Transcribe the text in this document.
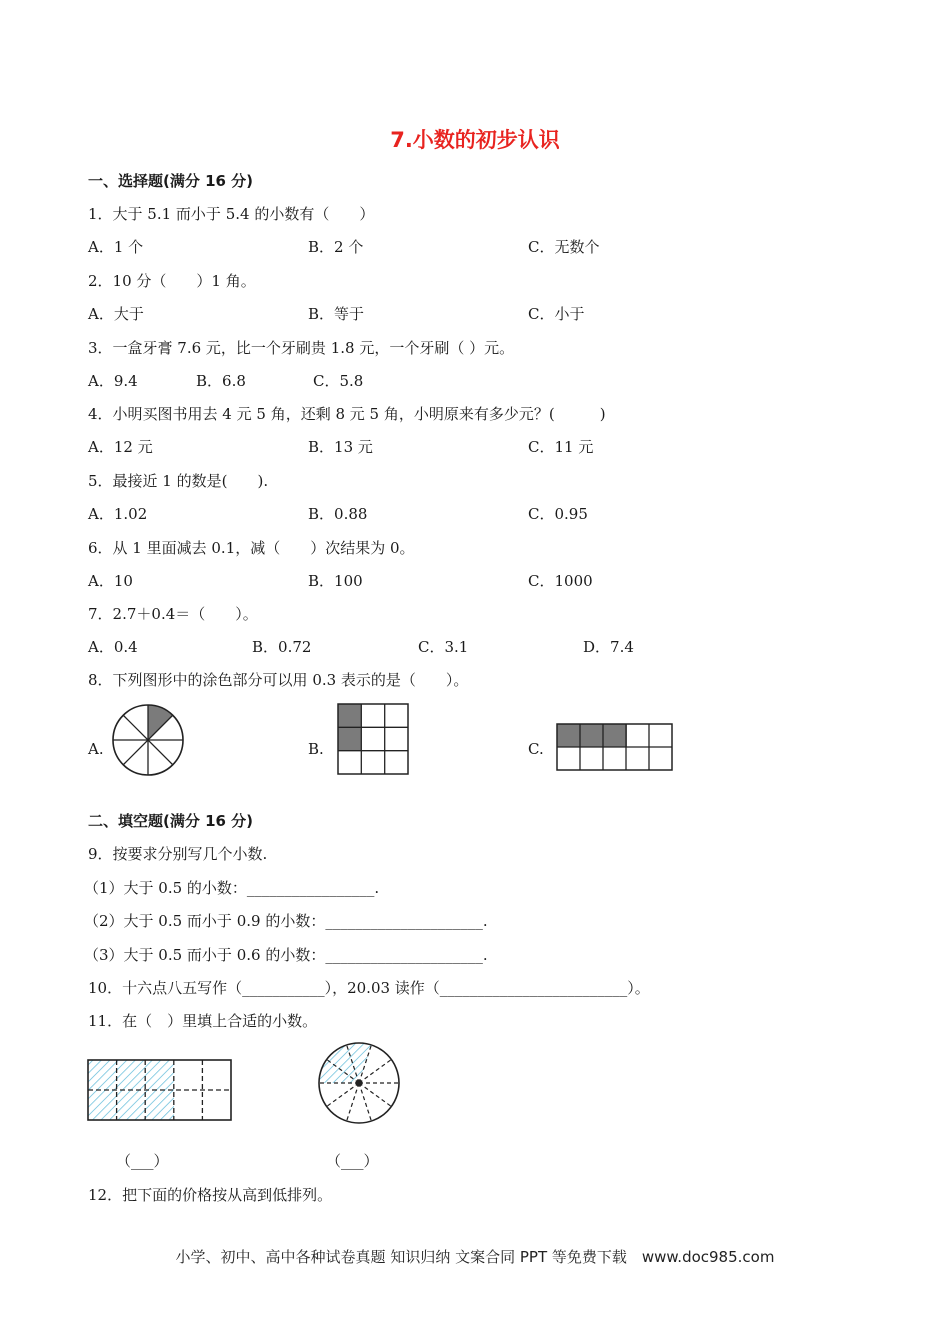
7.小数的初步认识
一、选择题(满分 16 分)
1．大于 5.1 而小于 5.4 的小数有（　　）
A．1 个	B．2 个	C．无数个
2．10 分（　　）1 角。
A．大于	B．等于	C．小于
3．一盒牙膏 7.6 元，比一个牙刷贵 1.8 元，一个牙刷（ ）元。
A．9.4	B．6.8	C．5.8
4．小明买图书用去 4 元 5 角，还剩 8 元 5 角，小明原来有多少元？(　　　)
A．12 元	B．13 元	C．11 元
5．最接近 1 的数是(　　).
A．1.02	B．0.88	C．0.95
6．从 1 里面减去 0.1，减（　　）次结果为 0。
A．10	B．100	C．1000
7．2.7＋0.4＝（　　）。
A．0.4	B．0.72	C．3.1	D．7.4
8．下列图形中的涂色部分可以用 0.3 表示的是（　　）。
A.	B.	C.
二、填空题(满分 16 分)
9．按要求分别写几个小数.
（1）大于 0.5 的小数：_________________.
（2）大于 0.5 而小于 0.9 的小数：_____________________.
（3）大于 0.5 而小于 0.6 的小数：_____________________.
10．十六点八五写作（___________），20.03 读作（_________________________）。
11．在（　）里填上合适的小数。
（___）	（___）
12．把下面的价格按从高到低排列。
小学、初中、高中各种试卷真题 知识归纳 文案合同 PPT 等免费下载　www.doc985.com
